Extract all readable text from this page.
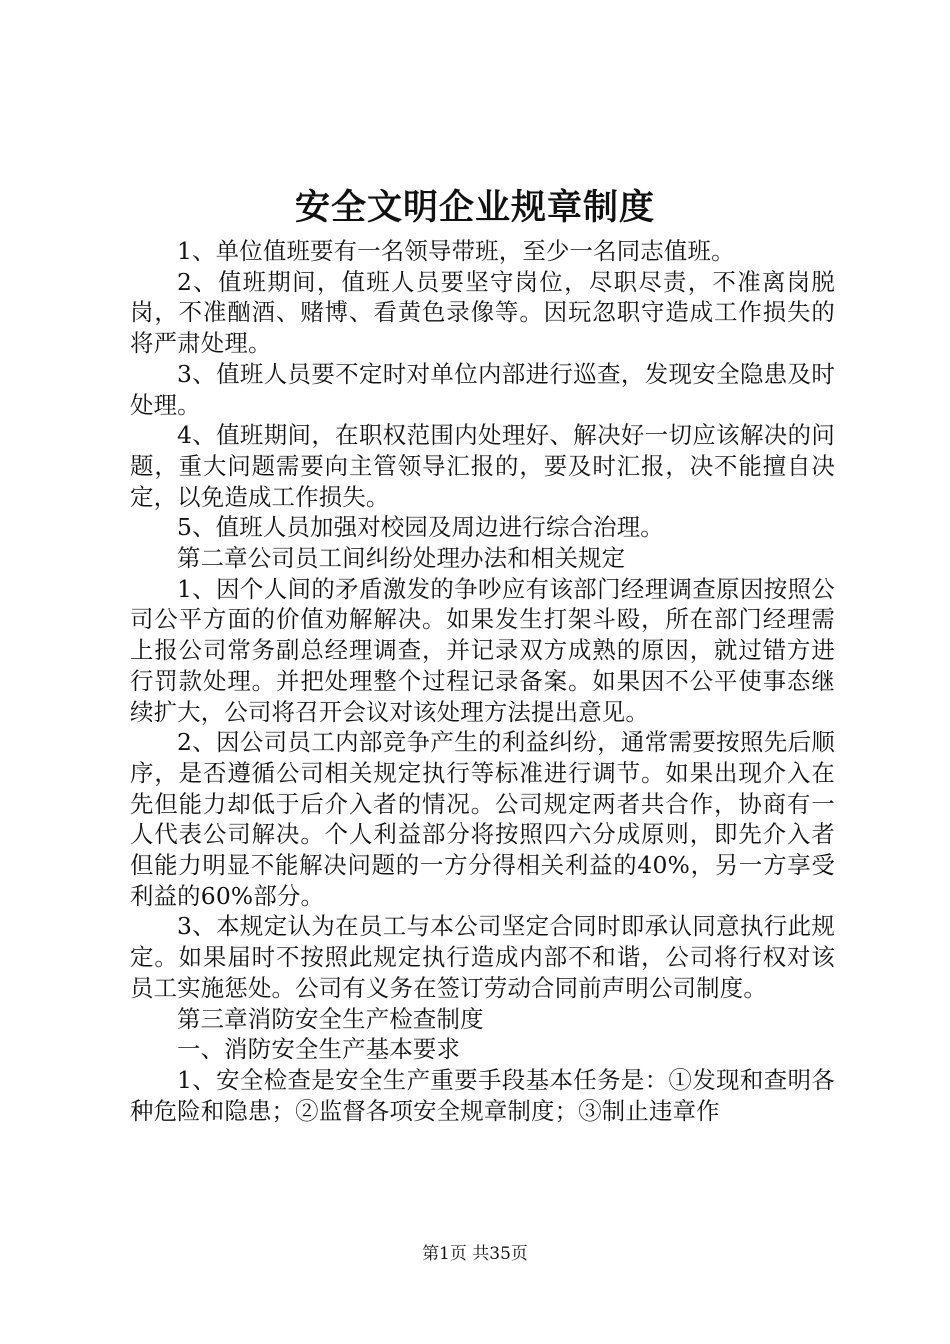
安全文明企业规章制度

1、单位值班要有一名领导带班，至少一名同志值班。

2、值班期间，值班人员要坚守岗位，尽职尽责，不准离岗脱岗，不准酗酒、赌博、看黄色录像等。因玩忽职守造成工作损失的将严肃处理。

3、值班人员要不定时对单位内部进行巡查，发现安全隐患及时处理。

4、值班期间，在职权范围内处理好、解决好一切应该解决的问题，重大问题需要向主管领导汇报的，要及时汇报，决不能擅自决定，以免造成工作损失。

5、值班人员加强对校园及周边进行综合治理。

第二章公司员工间纠纷处理办法和相关规定

1、因个人间的矛盾激发的争吵应有该部门经理调查原因按照公司公平方面的价值劝解解决。如果发生打架斗殴，所在部门经理需上报公司常务副总经理调查，并记录双方成熟的原因，就过错方进行罚款处理。并把处理整个过程记录备案。如果因不公平使事态继续扩大，公司将召开会议对该处理方法提出意见。

2、因公司员工内部竞争产生的利益纠纷，通常需要按照先后顺序，是否遵循公司相关规定执行等标准进行调节。如果出现介入在先但能力却低于后介入者的情况。公司规定两者共合作，协商有一人代表公司解决。个人利益部分将按照四六分成原则，即先介入者但能力明显不能解决问题的一方分得相关利益的40%，另一方享受利益的60%部分。

3、本规定认为在员工与本公司坚定合同时即承认同意执行此规定。如果届时不按照此规定执行造成内部不和谐，公司将行权对该员工实施惩处。公司有义务在签订劳动合同前声明公司制度。

第三章消防安全生产检查制度

一、消防安全生产基本要求

1、安全检查是安全生产重要手段基本任务是：①发现和查明各种危险和隐患；②监督各项安全规章制度；③制止违章作

第1页 共35页
